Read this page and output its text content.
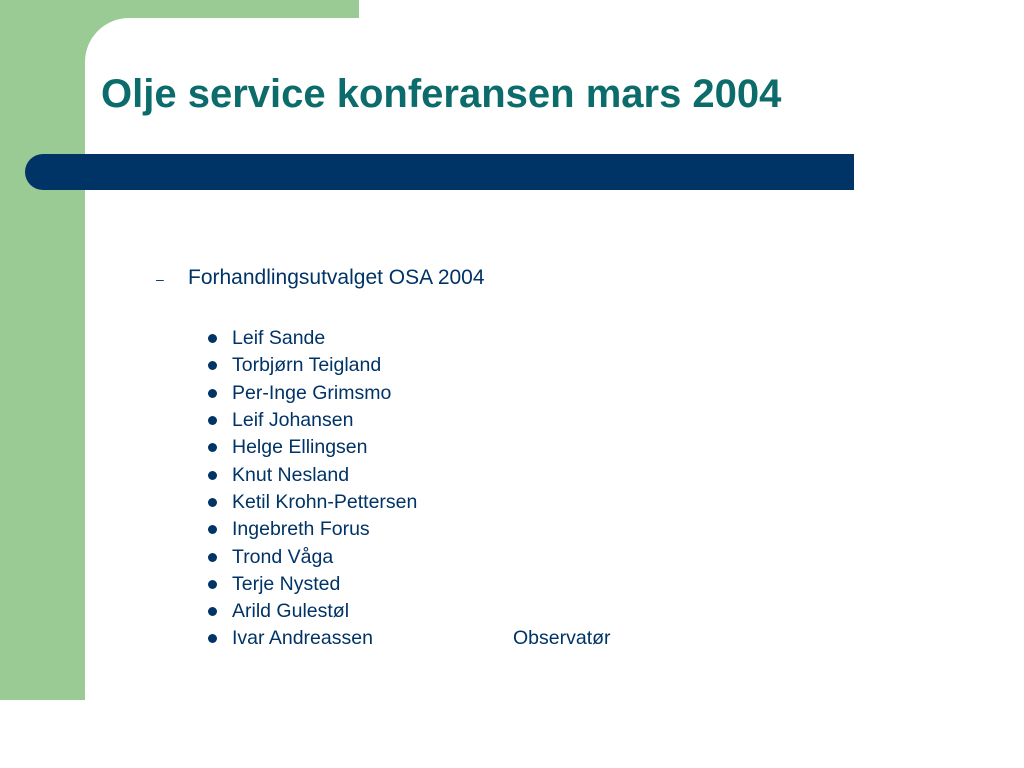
Olje service konferansen mars 2004
–	Forhandlingsutvalget OSA 2004
Leif Sande
Torbjørn Teigland
Per-Inge Grimsmo
Leif Johansen
Helge Ellingsen
Knut Nesland
Ketil Krohn-Pettersen
Ingebreth Forus
Trond Våga
Terje Nysted
Arild Gulestøl
Ivar Andreassen	Observatør
